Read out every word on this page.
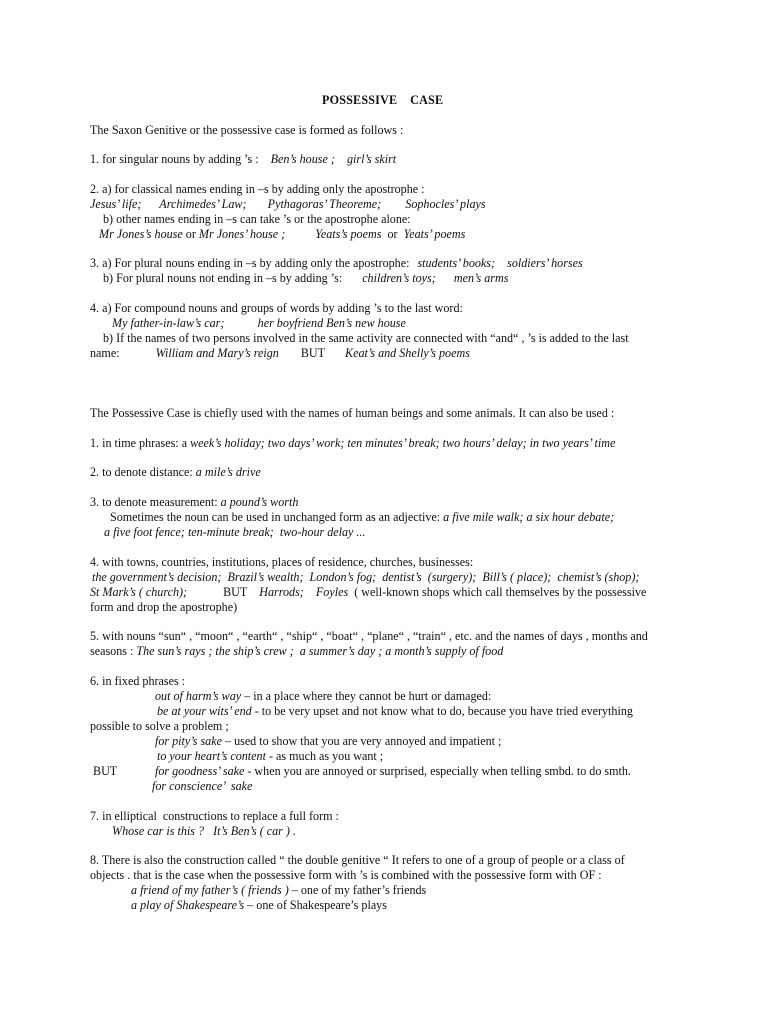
POSSESSIVE    CASE
The Saxon Genitive or the possessive case is formed as follows :
1. for singular nouns by adding ’s : Ben’s house ;    girl’s skirt
2. a) for classical names ending in –s by adding only the apostrophe :
Jesus’ life;      Archimedes’ Law;       Pythagoras’ Theoreme;        Sophocles’ plays
b) other names ending in –s can take ’s or the apostrophe alone:
Mr Jones’s house or Mr Jones’ house ; Yeats’s poems  or  Yeats’ poems
3. a) For plural nouns ending in –s by adding only the apostrophe: students’ books;    soldiers’ horses
b) For plural nouns not ending in –s by adding ’s: children’s toys;      men’s arms
4. a) For compound nouns and groups of words by adding ’s to the last word:
My father-in-law’s car;           her boyfriend Ben’s new house
b) If the names of two persons involved in the same activity are connected with “and“ , ’s is added to the last
name:	William and Mary’s reign BUT Keat’s and Shelly’s poems
The Possessive Case is chiefly used with the names of human beings and some animals. It can also be used :
1. in time phrases: a week’s holiday; two days’ work; ten minutes’ break; two hours’ delay; in two years’ time
2. to denote distance: a mile’s drive
3. to denote measurement: a pound’s worth
Sometimes the noun can be used in unchanged form as an adjective: a five mile walk; a six hour debate;
a five foot fence; ten-minute break;  two-hour delay ...
4. with towns, countries, institutions, places of residence, churches, businesses:
the government’s decision;  Brazil’s wealth;  London’s fog;  dentist’s  (surgery);  Bill’s ( place);  chemist’s (shop);
St Mark’s ( church);	BUT Harrods;    Foyles  ( well-known shops which call themselves by the possessive
form and drop the apostrophe)
5. with nouns “sun“ , “moon“ , “earth“ , “ship“ , “boat“ , “plane“ , “train“ , etc. and the names of days , months and
seasons : The sun’s rays ; the ship’s crew ;  a summer’s day ; a month’s supply of food
6. in fixed phrases :
out of harm’s way – in a place where they cannot be hurt or damaged:
be at your wits’ end - to be very upset and not know what to do, because you have tried everything
possible to solve a problem ;
for pity’s sake – used to show that you are very annoyed and impatient ;
to your heart’s content - as much as you want ;
BUT	for goodness’ sake - when you are annoyed or surprised, especially when telling smbd. to do smth.
for conscience’  sake
7. in elliptical  constructions to replace a full form :
Whose car is this ?   It’s Ben’s ( car ) .
8. There is also the construction called “ the double genitive “ It refers to one of a group of people or a class of
objects . that is the case when the possessive form with ’s is combined with the possessive form with OF :
a friend of my father’s ( friends ) – one of my father’s friends
a play of Shakespeare’s – one of Shakespeare’s plays
